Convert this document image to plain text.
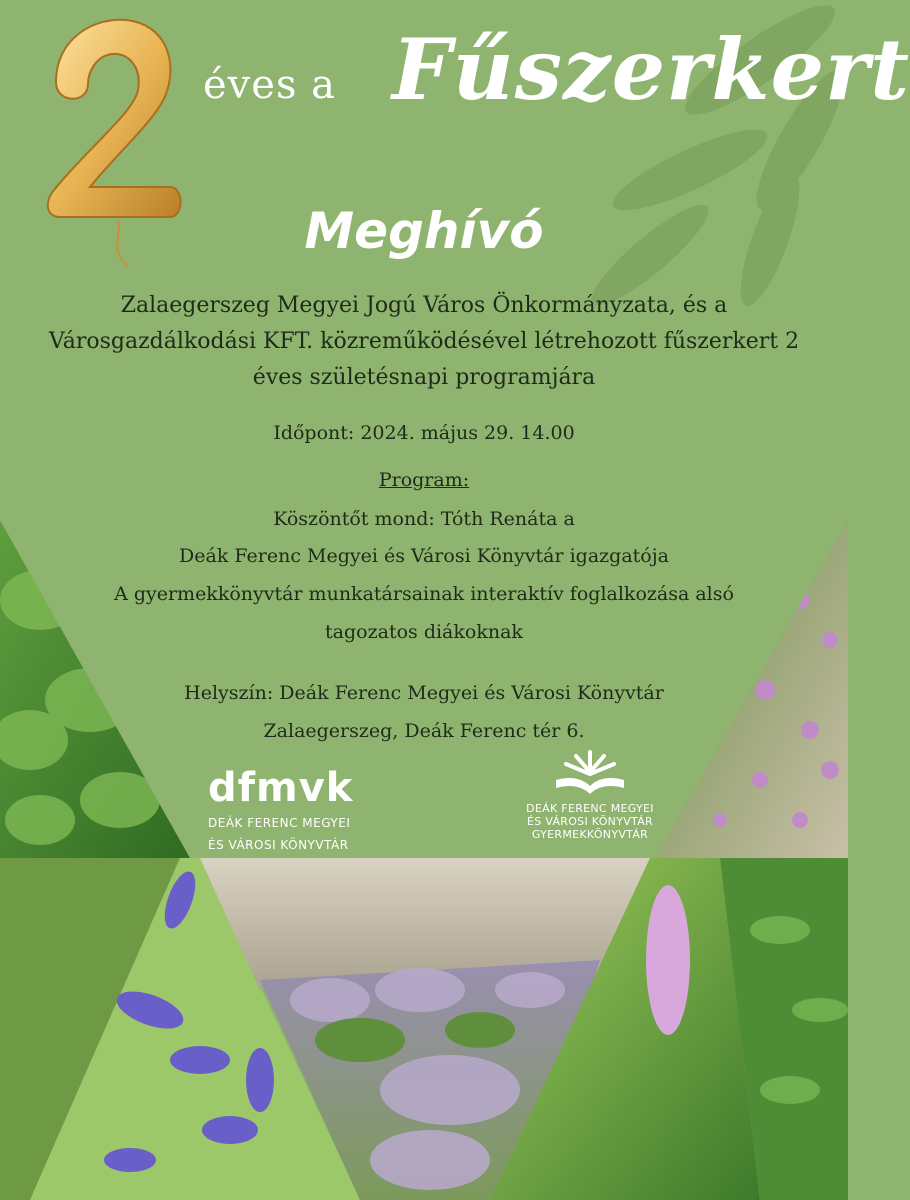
éves a Fűszerkert
Meghívó
Zalaegerszeg Megyei Jogú Város Önkormányzata, és a
Városgazdálkodási KFT. közreműködésével létrehozott fűszerkert 2
éves születésnapi programjára
Időpont: 2024. május 29. 14.00
Program:
Köszöntőt mond: Tóth Renáta a
Deák Ferenc Megyei és Városi Könyvtár igazgatója
A gyermekkönyvtár munkatársainak interaktív foglalkozása alsó
tagozatos diákoknak
Helyszín: Deák Ferenc Megyei és Városi Könyvtár
Zalaegerszeg, Deák Ferenc tér 6.
dfmvk
DEÁK FERENC MEGYEI
ÉS VÁROSI KÖNYVTÁR
DEÁK FERENC MEGYEI
ÉS VÁROSI KÖNYVTÁR
GYERMEKKÖNYVTÁR
